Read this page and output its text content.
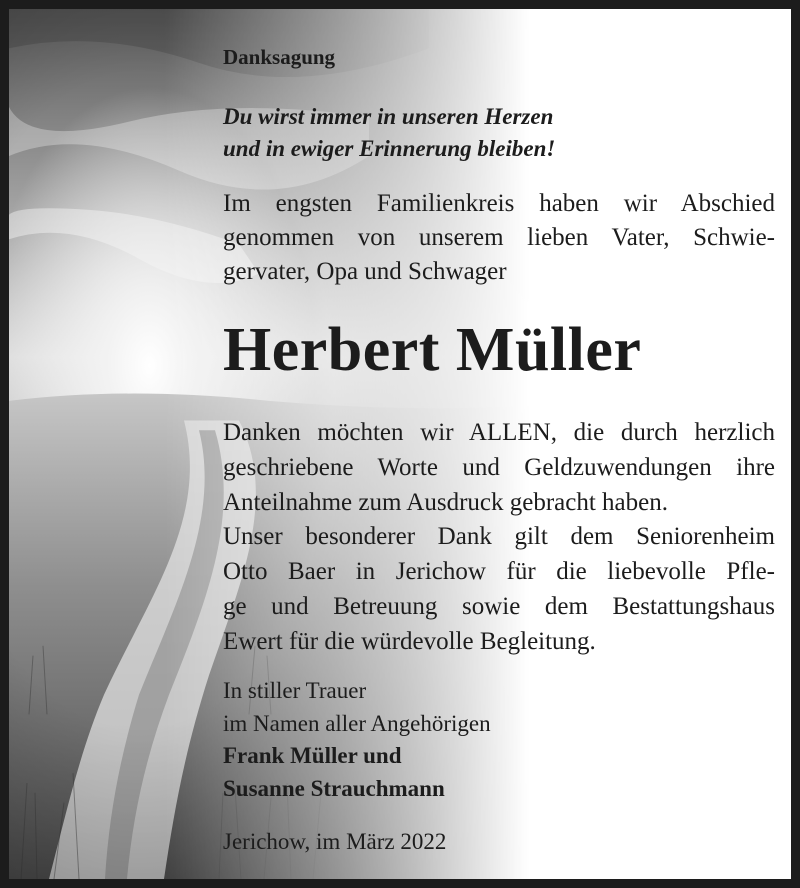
Danksagung
Du wirst immer in unseren Herzen
und in ewiger Erinnerung bleiben!
Im engsten Familienkreis haben wir Abschied
genommen von unserem lieben Vater, Schwie-
gervater, Opa und Schwager
Herbert Müller
Danken möchten wir ALLEN, die durch herzlich
geschriebene Worte und Geldzuwendungen ihre
Anteilnahme zum Ausdruck gebracht haben.
Unser besonderer Dank gilt dem Seniorenheim
Otto Baer in Jerichow für die liebevolle Pfle-
ge und Betreuung sowie dem Bestattungshaus
Ewert für die würdevolle Begleitung.
In stiller Trauer
im Namen aller Angehörigen
Frank Müller und
Susanne Strauchmann
Jerichow, im März 2022
